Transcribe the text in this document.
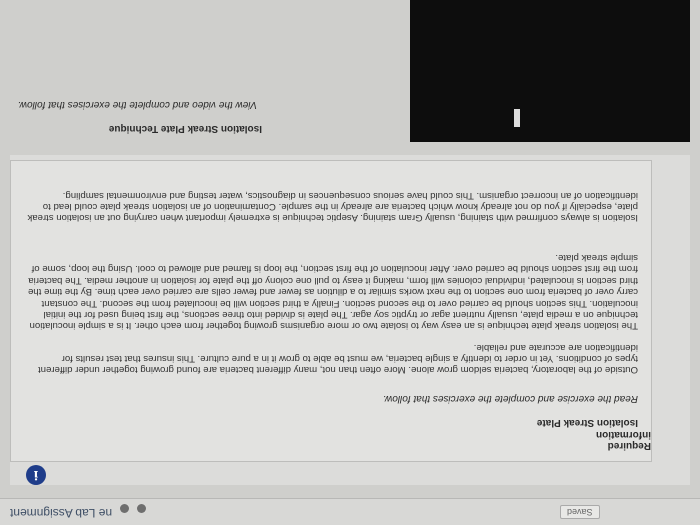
ne Lab Assignment
	Saved
i
Required information
Isolation Streak Plate
Read the exercise and complete the exercises that follow.

Outside of the laboratory, bacteria seldom grow alone. More often than not, many different bacteria are found growing together under different types of conditions. Yet in order to identify a single bacteria, we must be able to grow it in a pure culture. This insures that test results for identification are accurate and reliable.

The isolation streak plate technique is an easy way to isolate two or more organisms growing together from each other. It is a simple inoculation technique on a media plate, usually nutrient agar or tryptic soy agar. The plate is divided into three sections, the first being used for the initial inoculation. This section should be carried over to the second section. Finally a third section will be inoculated from the second. The constant carry over of bacteria from one section to the next works similar to a dilution as fewer and fewer cells are carried over each time. By the time the third section is inoculated, individual colonies will form, making it easy to pull one colony off the plate for isolation in another media. The bacteria from the first section should be carried over. After inoculation of the first section, the loop is flamed and allowed to cool. Using the loop, some of simple streak plate.

Isolation is always confirmed with staining, usually Gram staining. Aseptic technique is extremely important when carrying out an isolation streak plate, especially if you do not already know which bacteria are already in the sample. Contamination of an isolation streak plate could lead to identification of an incorrect organism. This could have serious consequences in diagnostics, water testing and environmental sampling.

Isolation Streak Plate Technique
View the video and complete the exercises that follow.
